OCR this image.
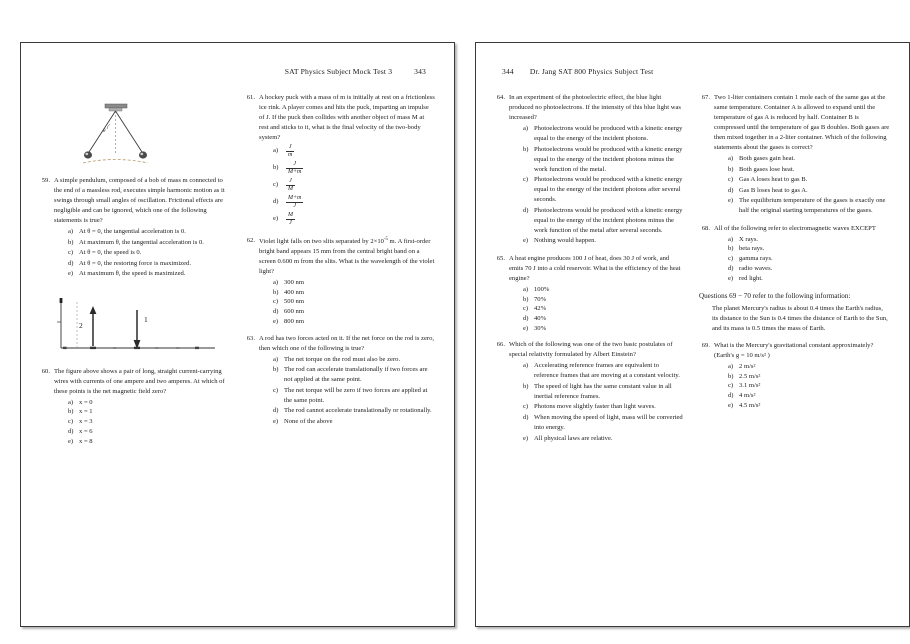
SAT Physics Subject Mock Test 3	343
θ
59. A simple pendulum, composed of a bob of mass m connected to the end of a massless rod, executes simple harmonic motion as it swings through small angles of oscillation. Frictional effects are negligible and can be ignored, which one of the following statements is true?
a) At θ = 0, the tangential acceleration is 0.
b) At maximum θ, the tangential acceleration is 0.
c) At θ = 0, the speed is 0.
d) At θ = 0, the restoring force is maximized.
e) At maximum θ, the speed is maximized.
2
1
60. The figure above shows a pair of long, straight current-carrying wires with currents of one ampere and two amperes. At which of these points is the net magnetic field zero?
a) x = 0
b) x = 1
c) x = 3
d) x = 6
e) x = 8
61. A hockey puck with a mass of m is initially at rest on a frictionless ice rink. A player comes and hits the puck, imparting an impulse of J. If the puck then collides with another object of mass M at rest and sticks to it, what is the final velocity of the two-body system?
a)	$\frac{J}{m}$
b)	$\frac{J}{M+m}$
c)	$\frac{J}{M}$
d)	$\frac{M+m}{J}$
e)	$\frac{M}{J}$
62. Violet light falls on two slits separated by $2\times 10^{-5}$ m. A first-order bright band appears 15 mm from the central bright band on a screen 0.600 m from the slits. What is the wavelength of the violet light?
a) 300 nm
b) 400 nm
c) 500 nm
d) 600 nm
e) 800 nm
63. A rod has two forces acted on it. If the net force on the rod is zero, then which one of the following is true?
a) The net torque on the rod must also be zero.
b) The rod can accelerate translationally if two forces are not applied at the same point.
c) The net torque will be zero if two forces are applied at the same point.
d) The rod cannot accelerate translationally or rotationally.
e) None of the above
344 Dr. Jang SAT 800 Physics Subject Test
64. In an experiment of the photoelectric effect, the blue light produced no photoelectrons. If the intensity of this blue light was increased?
a) Photoelectrons would be produced with a kinetic energy equal to the energy of the incident photons.
b) Photoelectrons would be produced with a kinetic energy equal to the energy of the incident photons minus the work function of the metal.
c) Photoelectrons would be produced with a kinetic energy equal to the energy of the incident photons after several seconds.
d) Photoelectrons would be produced with a kinetic energy equal to the energy of the incident photons minus the work function of the metal after several seconds.
e) Nothing would happen.
65. A heat engine produces 100 J of heat, does 30 J of work, and emits 70 J into a cold reservoir. What is the efficiency of the heat engine?
a) 100%
b) 70%
c) 42%
d) 40%
e) 30%
66. Which of the following was one of the two basic postulates of special relativity formulated by Albert Einstein?
a) Accelerating reference frames are equivalent to reference frames that are moving at a constant velocity.
b) The speed of light has the same constant value in all inertial reference frames.
c) Photons move slightly faster than light waves.
d) When moving the speed of light, mass will be converted into energy.
e) All physical laws are relative.
67. Two 1-liter containers contain 1 mole each of the same gas at the same temperature. Container A is allowed to expand until the temperature of gas A is reduced by half. Container B is compressed until the temperature of gas B doubles. Both gases are then mixed together in a 2-liter container. Which of the following statements about the gases is correct?
a) Both gases gain heat.
b) Both gases lose heat.
c) Gas A loses heat to gas B.
d) Gas B loses heat to gas A.
e) The equilibrium temperature of the gases is exactly one half the original starting temperatures of the gases.
68. All of the following refer to electromagnetic waves EXCEPT
a) X rays.
b) beta rays.
c) gamma rays.
d) radio waves.
e) red light.
Questions 69 − 70 refer to the following information:
The planet Mercury's radius is about 0.4 times the Earth's radius, its distance to the Sun is 0.4 times the distance of Earth to the Sun, and its mass is 0.5 times the mass of Earth.
69. What is the Mercury's gravitational constant approximately? (Earth's g = 10 m/s² )
a) 2 m/s²
b) 2.5 m/s²
c) 3.1 m/s²
d) 4 m/s²
e) 4.5 m/s²
